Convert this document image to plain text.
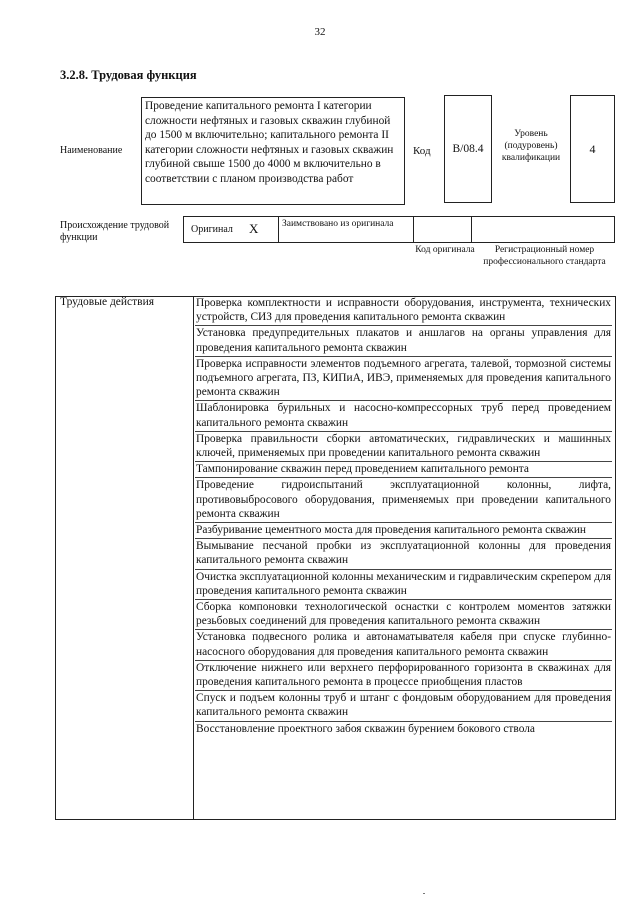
32
3.2.8. Трудовая функция
Наименование
Проведение капитального ремонта I категории сложности нефтяных и газовых скважин глубиной до 1500 м включительно; капитального ремонта II категории сложности нефтяных и газовых скважин глубиной свыше 1500 до 4000 м включительно в соответствии с планом производства работ
Код B/08.4
Уровень (подуровень) квалификации
4
Происхождение трудовой функции
Оригинал X Заимствовано из оригинала
Код оригинала	Регистрационный номер профессионального стандарта
Трудовые действия	Проверка комплектности и исправности оборудования, инструмента, технических устройств, СИЗ для проведения капитального ремонта скважин
Установка предупредительных плакатов и аншлагов на органы управления для проведения капитального ремонта скважин
Проверка исправности элементов подъемного агрегата, талевой, тормозной системы подъемного агрегата, ПЗ, КИПиА, ИВЭ, применяемых для проведения капитального ремонта скважин
Шаблонировка бурильных и насосно-компрессорных труб перед проведением капитального ремонта скважин
Проверка правильности сборки автоматических, гидравлических и машинных ключей, применяемых при проведении капитального ремонта скважин
Тампонирование скважин перед проведением капитального ремонта
Проведение гидроиспытаний эксплуатационной колонны, лифта, противовыбросового оборудования, применяемых при проведении капитального ремонта скважин
Разбуривание цементного моста для проведения капитального ремонта скважин
Вымывание песчаной пробки из эксплуатационной колонны для проведения капитального ремонта скважин
Очистка эксплуатационной колонны механическим и гидравлическим скрепером для проведения капитального ремонта скважин
Сборка компоновки технологической оснастки с контролем моментов затяжки резьбовых соединений для проведения капитального ремонта скважин
Установка подвесного ролика и автонаматывателя кабеля при спуске глубинно-насосного оборудования для проведения капитального ремонта скважин
Отключение нижнего или верхнего перфорированного горизонта в скважинах для проведения капитального ремонта в процессе приобщения пластов
Спуск и подъем колонны труб и штанг с фондовым оборудованием для проведения капитального ремонта скважин
Восстановление проектного забоя скважин бурением бокового ствола
